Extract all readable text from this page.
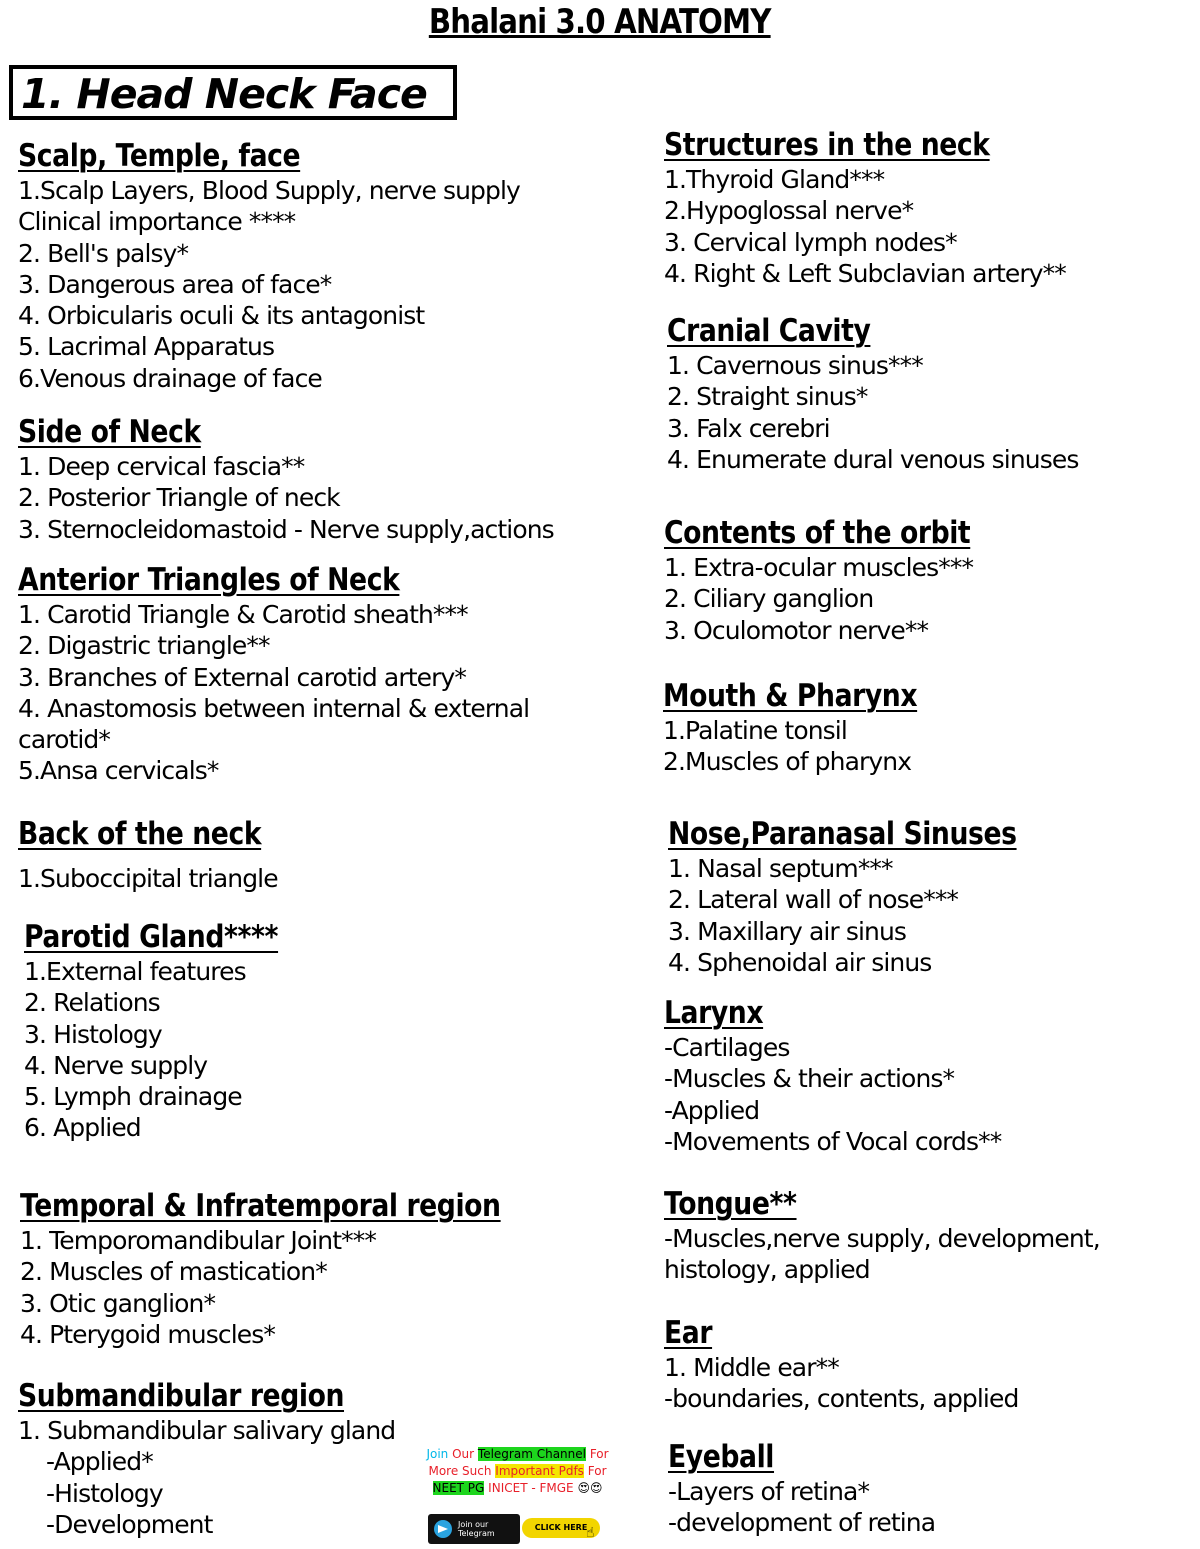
Bhalani 3.0 ANATOMY
1. Head Neck Face
Scalp, Temple, face
1.Scalp Layers, Blood Supply, nerve supply
Clinical importance ****
2. Bell's palsy*
3. Dangerous area of face*
4. Orbicularis oculi & its antagonist
5. Lacrimal Apparatus
6.Venous drainage of face
Side of Neck
1. Deep cervical fascia**
2. Posterior Triangle of neck
3. Sternocleidomastoid - Nerve supply,actions
Anterior Triangles of Neck
1. Carotid Triangle & Carotid sheath***
2. Digastric triangle**
3. Branches of External carotid artery*
4. Anastomosis between internal & external carotid*
5.Ansa cervicals*
Back of the neck
1.Suboccipital triangle
Parotid Gland****
1.External features
2. Relations
3. Histology
4. Nerve supply
5. Lymph drainage
6. Applied
Temporal & Infratemporal region
1. Temporomandibular Joint***
2. Muscles of mastication*
3. Otic ganglion*
4. Pterygoid muscles*
Submandibular region
1. Submandibular salivary gland
-Applied*
-Histology
-Development
Structures in the neck
1.Thyroid Gland***
2.Hypoglossal nerve*
3. Cervical lymph nodes*
4. Right & Left Subclavian artery**
Cranial Cavity
1. Cavernous sinus***
2. Straight sinus*
3. Falx cerebri
4. Enumerate dural venous sinuses
Contents of the orbit
1. Extra-ocular muscles***
2. Ciliary ganglion
3. Oculomotor nerve**
Mouth & Pharynx
1.Palatine tonsil
2.Muscles of pharynx
Nose,Paranasal Sinuses
1. Nasal septum***
2. Lateral wall of nose***
3. Maxillary air sinus
4. Sphenoidal air sinus
Larynx
-Cartilages
-Muscles & their actions*
-Applied
-Movements of Vocal cords**
Tongue**
-Muscles,nerve supply, development, histology, applied
Ear
1. Middle ear**
-boundaries, contents, applied
Eyeball
-Layers of retina*
-development of retina
Join Our Telegram Channel For
More Such Important Pdfs For
NEET PG INICET - FMGE 😍😍
Join our
Telegram
CLICK HERE
☝
